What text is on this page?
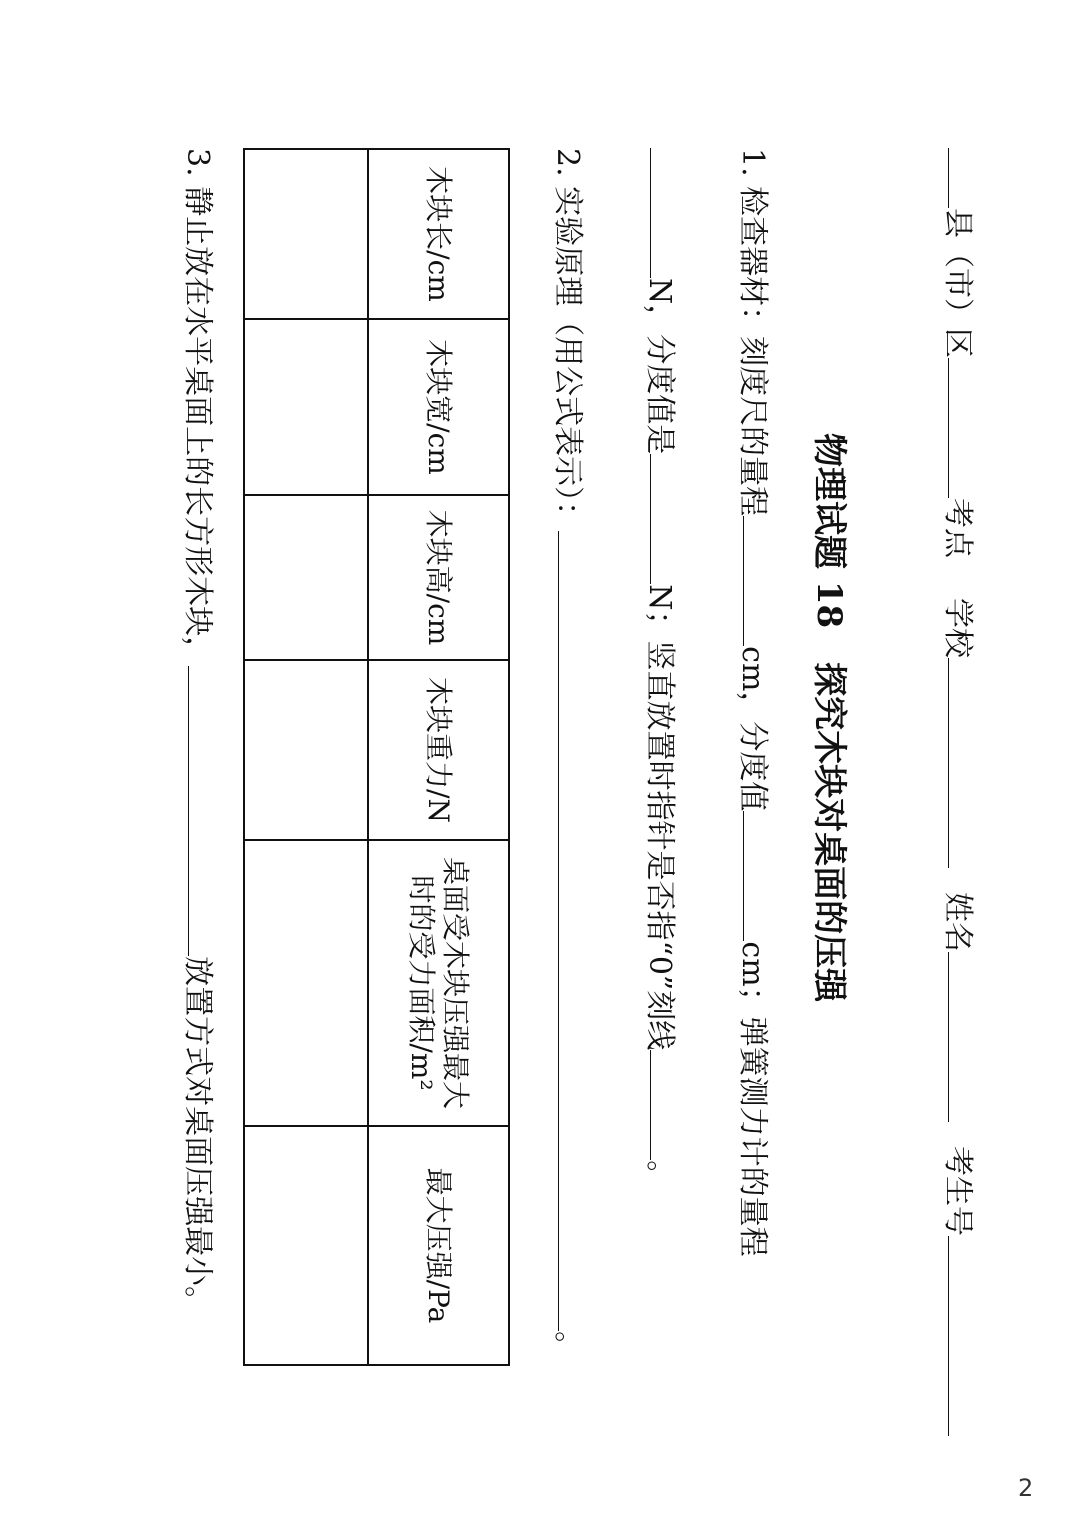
县（市）区考点学校姓名考生号
物理试题 18　探究木块对桌面的压强
1. 检查器材：刻度尺的量程cm，分度值cm；弹簧测力计的量程
N，分度值是N；竖直放置时指针是否指“0”刻线。
2. 实验原理（用公式表示）：。
木块长/cm	木块宽/cm	木块高/cm	木块重力/N	桌面受木块压强最大时的受力面积/m²	最大压强/Pa

3. 静止放在水平桌面上的长方形木块，放置方式对桌面压强最小。
2
